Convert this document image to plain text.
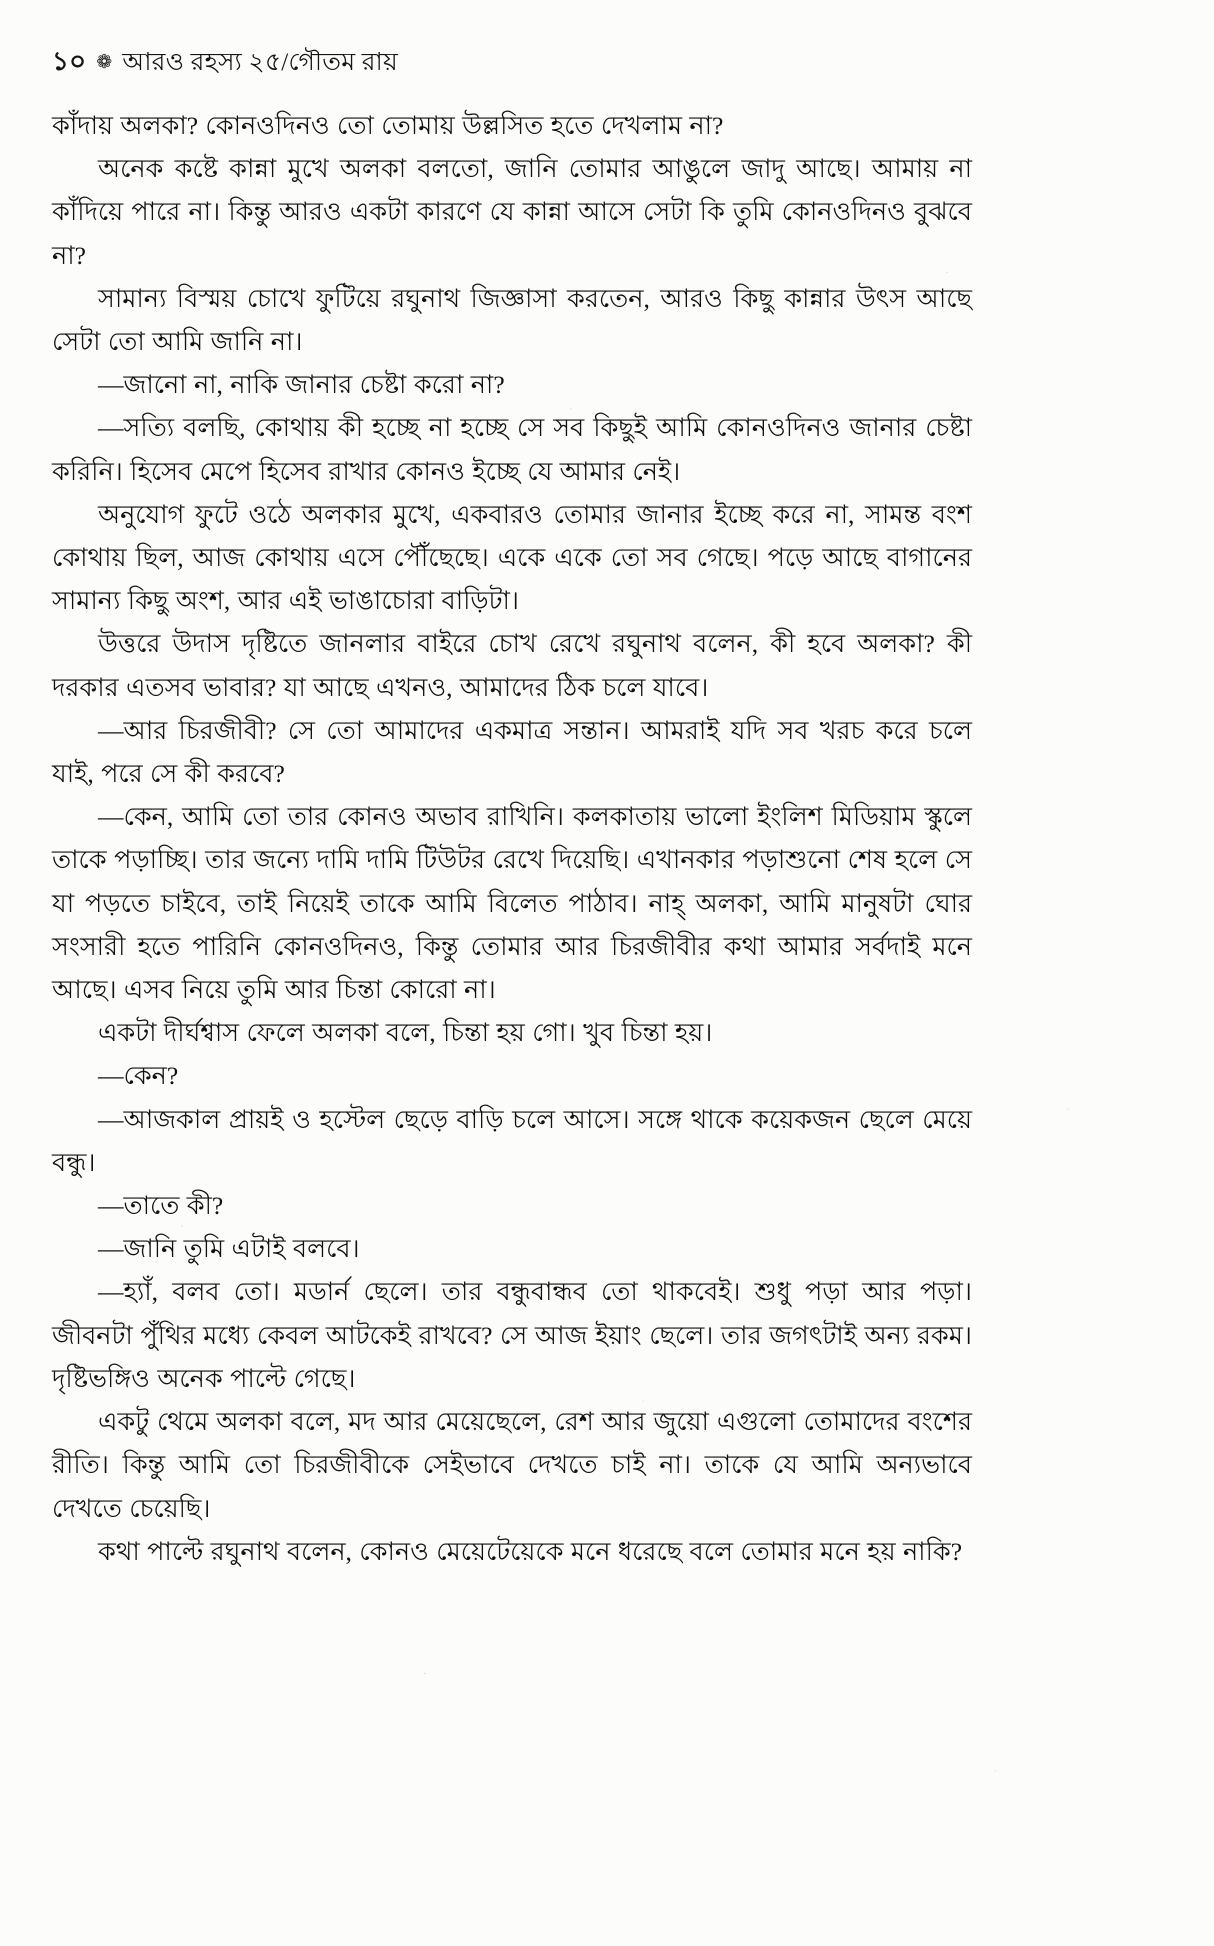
১০ ❁ আরও রহস্য ২৫/গৌতম রায়

কাঁদায় অলকা? কোনওদিনও তো তোমায় উল্লসিত হতে দেখলাম না?

অনেক কষ্টে কান্না মুখে অলকা বলতো, জানি তোমার আঙুলে জাদু আছে। আমায় না কাঁদিয়ে পারে না। কিন্তু আরও একটা কারণে যে কান্না আসে সেটা কি তুমি কোনওদিনও বুঝবে না?

সামান্য বিস্ময় চোখে ফুটিয়ে রঘুনাথ জিজ্ঞাসা করতেন, আরও কিছু কান্নার উৎস আছে সেটা তো আমি জানি না।

—জানো না, নাকি জানার চেষ্টা করো না?

—সত্যি বলছি, কোথায় কী হচ্ছে না হচ্ছে সে সব কিছুই আমি কোনওদিনও জানার চেষ্টা করিনি। হিসেব মেপে হিসেব রাখার কোনও ইচ্ছে যে আমার নেই।

অনুযোগ ফুটে ওঠে অলকার মুখে, একবারও তোমার জানার ইচ্ছে করে না, সামন্ত বংশ কোথায় ছিল, আজ কোথায় এসে পৌঁছেছে। একে একে তো সব গেছে। পড়ে আছে বাগানের সামান্য কিছু অংশ, আর এই ভাঙাচোরা বাড়িটা।

উত্তরে উদাস দৃষ্টিতে জানলার বাইরে চোখ রেখে রঘুনাথ বলেন, কী হবে অলকা? কী দরকার এতসব ভাবার? যা আছে এখনও, আমাদের ঠিক চলে যাবে।

—আর চিরজীবী? সে তো আমাদের একমাত্র সন্তান। আমরাই যদি সব খরচ করে চলে যাই, পরে সে কী করবে?

—কেন, আমি তো তার কোনও অভাব রাখিনি। কলকাতায় ভালো ইংলিশ মিডিয়াম স্কুলে তাকে পড়াচ্ছি। তার জন্যে দামি দামি টিউটর রেখে দিয়েছি। এখানকার পড়াশুনো শেষ হলে সে যা পড়তে চাইবে, তাই নিয়েই তাকে আমি বিলেত পাঠাব। নাহ্ অলকা, আমি মানুষটা ঘোর সংসারী হতে পারিনি কোনওদিনও, কিন্তু তোমার আর চিরজীবীর কথা আমার সর্বদাই মনে আছে। এসব নিয়ে তুমি আর চিন্তা কোরো না।

একটা দীর্ঘশ্বাস ফেলে অলকা বলে, চিন্তা হয় গো। খুব চিন্তা হয়।

—কেন?

—আজকাল প্রায়ই ও হস্টেল ছেড়ে বাড়ি চলে আসে। সঙ্গে থাকে কয়েকজন ছেলে মেয়ে বন্ধু।

—তাতে কী?

—জানি তুমি এটাই বলবে।

—হ্যাঁ, বলব তো। মডার্ন ছেলে। তার বন্ধুবান্ধব তো থাকবেই। শুধু পড়া আর পড়া। জীবনটা পুঁথির মধ্যে কেবল আটকেই রাখবে? সে আজ ইয়াং ছেলে। তার জগৎটাই অন্য রকম। দৃষ্টিভঙ্গিও অনেক পাল্টে গেছে।

একটু থেমে অলকা বলে, মদ আর মেয়েছেলে, রেশ আর জুয়ো এগুলো তোমাদের বংশের রীতি। কিন্তু আমি তো চিরজীবীকে সেইভাবে দেখতে চাই না। তাকে যে আমি অন্যভাবে দেখতে চেয়েছি।

কথা পাল্টে রঘুনাথ বলেন, কোনও মেয়েটেয়েকে মনে ধরেছে বলে তোমার মনে হয় নাকি?
